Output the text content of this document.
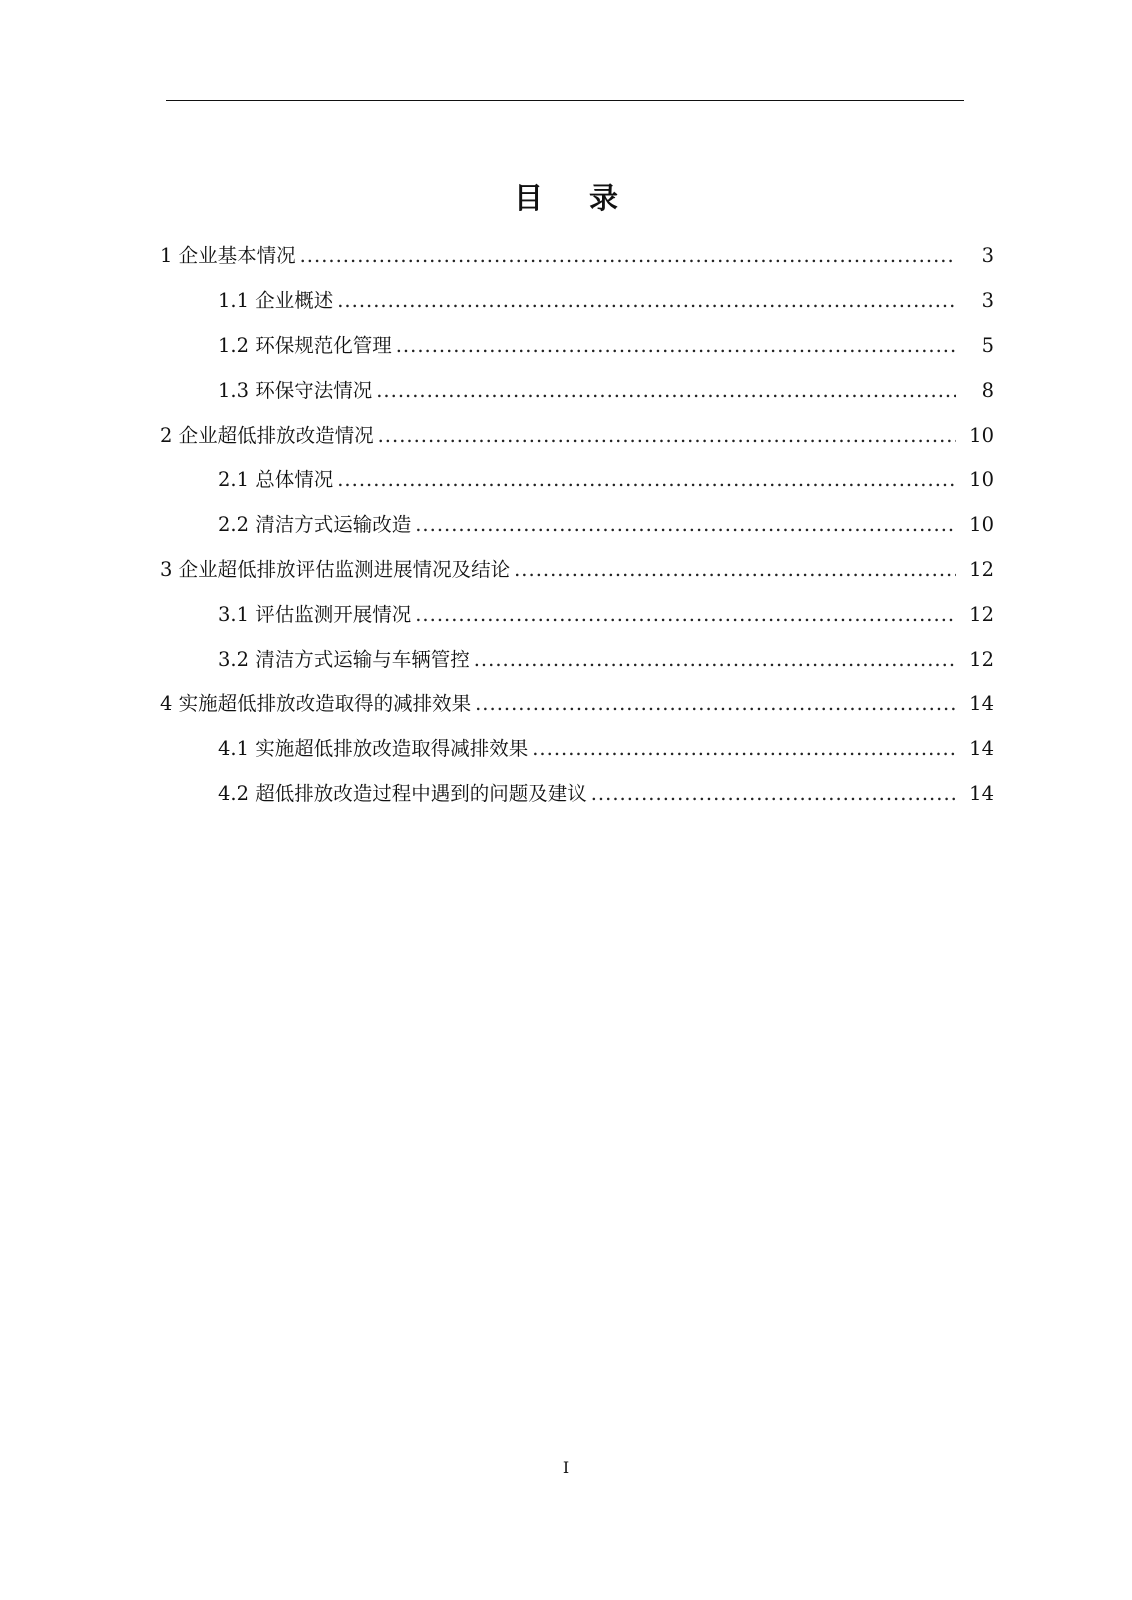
目 录
1 企业基本情况 .....	3
1.1 企业概述 .....	3
1.2 环保规范化管理 .....	5
1.3 环保守法情况 .....	8
2 企业超低排放改造情况 .....	10
2.1 总体情况 .....	10
2.2 清洁方式运输改造 .....	10
3 企业超低排放评估监测进展情况及结论 .....	12
3.1 评估监测开展情况 .....	12
3.2 清洁方式运输与车辆管控 .....	12
4 实施超低排放改造取得的减排效果 .....	14
4.1 实施超低排放改造取得减排效果 .....	14
4.2 超低排放改造过程中遇到的问题及建议 .....	14
I
